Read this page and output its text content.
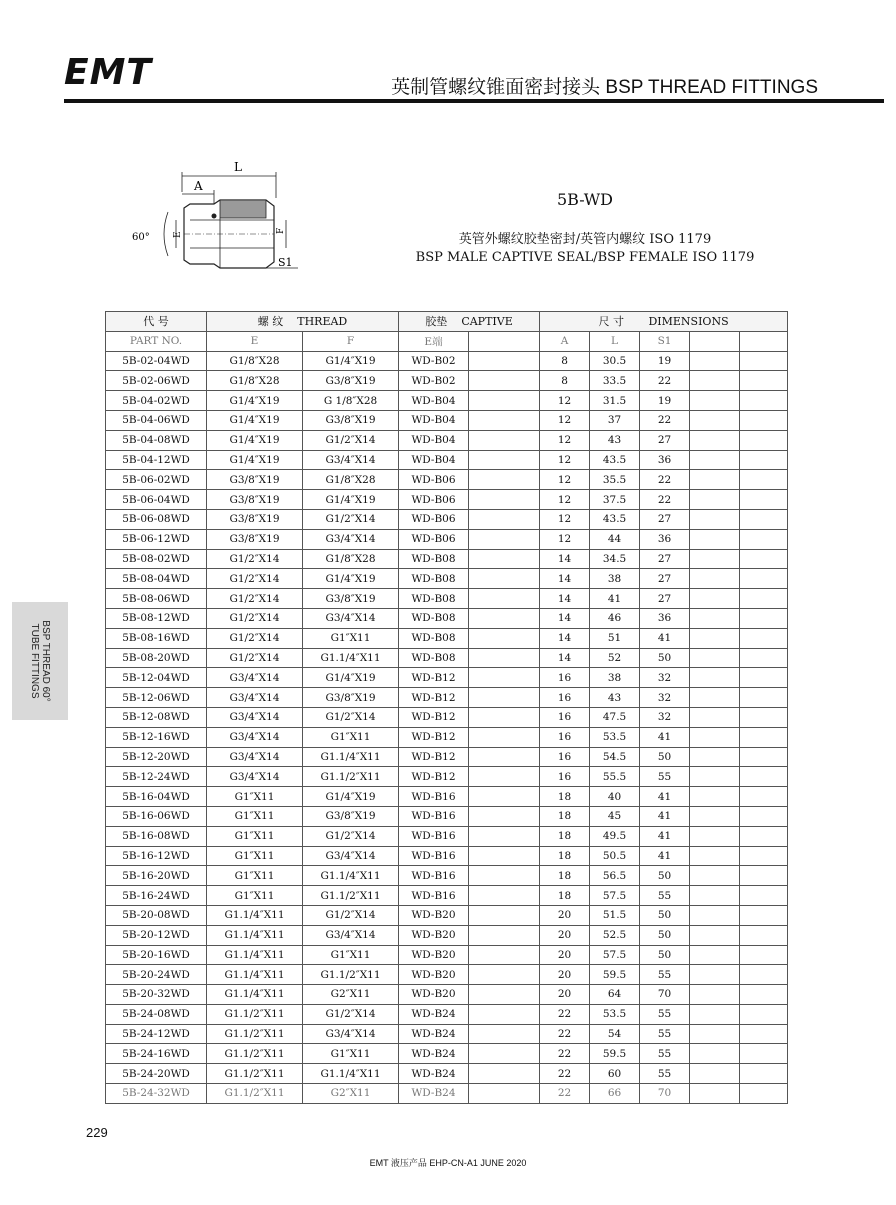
EMT	英制管螺纹锥面密封接头 BSP THREAD FITTINGS
L
A
60°	E
F
S1
5B-WD
英管外螺纹胶垫密封/英管内螺纹 ISO 1179
BSP MALE CAPTIVE SEAL/BSP FEMALE ISO 1179
BSP THREAD 60°
TUBE FITTINGS
代 号	螺 纹 THREAD		胶垫 CAPTIVE		尺 寸 DIMENSIONS				
PART NO.	E	F	E端		A	L	S1		
5B-02-04WD	G1/8″X28	G1/4″X19	WD-B02		8	30.5	19		
5B-02-06WD	G1/8″X28	G3/8″X19	WD-B02		8	33.5	22		
5B-04-02WD	G1/4″X19	G 1/8″X28	WD-B04		12	31.5	19		
5B-04-06WD	G1/4″X19	G3/8″X19	WD-B04		12	37	22		
5B-04-08WD	G1/4″X19	G1/2″X14	WD-B04		12	43	27		
5B-04-12WD	G1/4″X19	G3/4″X14	WD-B04		12	43.5	36		
5B-06-02WD	G3/8″X19	G1/8″X28	WD-B06		12	35.5	22		
5B-06-04WD	G3/8″X19	G1/4″X19	WD-B06		12	37.5	22		
5B-06-08WD	G3/8″X19	G1/2″X14	WD-B06		12	43.5	27		
5B-06-12WD	G3/8″X19	G3/4″X14	WD-B06		12	44	36		
5B-08-02WD	G1/2″X14	G1/8″X28	WD-B08		14	34.5	27		
5B-08-04WD	G1/2″X14	G1/4″X19	WD-B08		14	38	27		
5B-08-06WD	G1/2″X14	G3/8″X19	WD-B08		14	41	27		
5B-08-12WD	G1/2″X14	G3/4″X14	WD-B08		14	46	36		
5B-08-16WD	G1/2″X14	G1″X11	WD-B08		14	51	41		
5B-08-20WD	G1/2″X14	G1.1/4″X11	WD-B08		14	52	50		
5B-12-04WD	G3/4″X14	G1/4″X19	WD-B12		16	38	32		
5B-12-06WD	G3/4″X14	G3/8″X19	WD-B12		16	43	32		
5B-12-08WD	G3/4″X14	G1/2″X14	WD-B12		16	47.5	32		
5B-12-16WD	G3/4″X14	G1″X11	WD-B12		16	53.5	41		
5B-12-20WD	G3/4″X14	G1.1/4″X11	WD-B12		16	54.5	50		
5B-12-24WD	G3/4″X14	G1.1/2″X11	WD-B12		16	55.5	55		
5B-16-04WD	G1″X11	G1/4″X19	WD-B16		18	40	41		
5B-16-06WD	G1″X11	G3/8″X19	WD-B16		18	45	41		
5B-16-08WD	G1″X11	G1/2″X14	WD-B16		18	49.5	41		
5B-16-12WD	G1″X11	G3/4″X14	WD-B16		18	50.5	41		
5B-16-20WD	G1″X11	G1.1/4″X11	WD-B16		18	56.5	50		
5B-16-24WD	G1″X11	G1.1/2″X11	WD-B16		18	57.5	55		
5B-20-08WD	G1.1/4″X11	G1/2″X14	WD-B20		20	51.5	50		
5B-20-12WD	G1.1/4″X11	G3/4″X14	WD-B20		20	52.5	50		
5B-20-16WD	G1.1/4″X11	G1″X11	WD-B20		20	57.5	50		
5B-20-24WD	G1.1/4″X11	G1.1/2″X11	WD-B20		20	59.5	55		
5B-20-32WD	G1.1/4″X11	G2″X11	WD-B20		20	64	70		
5B-24-08WD	G1.1/2″X11	G1/2″X14	WD-B24		22	53.5	55		
5B-24-12WD	G1.1/2″X11	G3/4″X14	WD-B24		22	54	55		
5B-24-16WD	G1.1/2″X11	G1″X11	WD-B24		22	59.5	55		
5B-24-20WD	G1.1/2″X11	G1.1/4″X11	WD-B24		22	60	55		
5B-24-32WD	G1.1/2″X11	G2″X11	WD-B24		22	66	70		
229
EMT 液压产品 EHP-CN-A1 JUNE 2020
